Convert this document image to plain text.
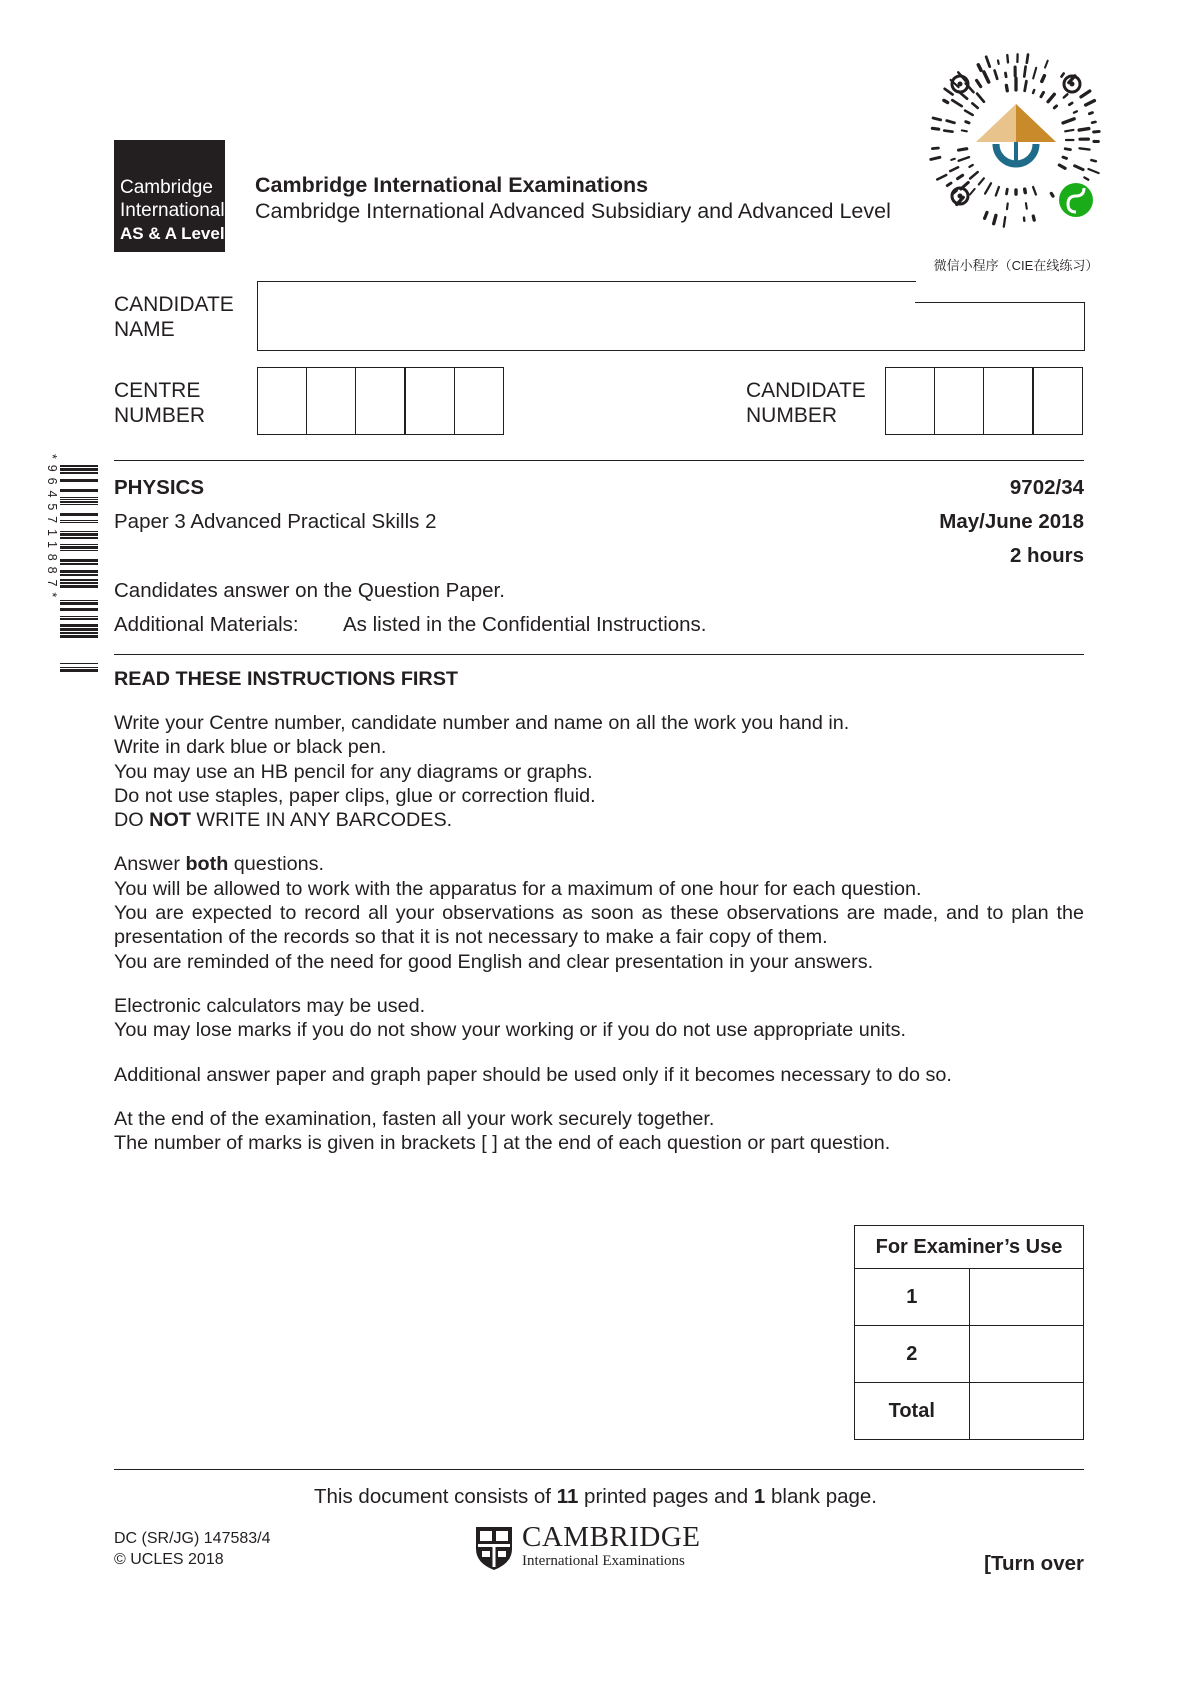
Cambridge
International
AS & A Level
Cambridge International Examinations
Cambridge International Advanced Subsidiary and Advanced Level
微信小程序（CIE在线练习）
CANDIDATE
NAME
CENTRE
NUMBER
CANDIDATE
NUMBER
*9645711887*	PHYSICS	9702/34
Paper 3 Advanced Practical Skills 2	May/June 2018
2 hours
Candidates answer on the Question Paper.
Additional Materials: As listed in the Confidential Instructions.
READ THESE INSTRUCTIONS FIRST

Write your Centre number, candidate number and name on all the work you hand in.
Write in dark blue or black pen.
You may use an HB pencil for any diagrams or graphs.
Do not use staples, paper clips, glue or correction fluid.
DO NOT WRITE IN ANY BARCODES.

Answer both questions.
You will be allowed to work with the apparatus for a maximum of one hour for each question.
You are expected to record all your observations as soon as these observations are made, and to plan the presentation of the records so that it is not necessary to make a fair copy of them.
You are reminded of the need for good English and clear presentation in your answers.

Electronic calculators may be used.
You may lose marks if you do not show your working or if you do not use appropriate units.

Additional answer paper and graph paper should be used only if it becomes necessary to do so.

At the end of the examination, fasten all your work securely together.
The number of marks is given in brackets [ ] at the end of each question or part question.

For Examiner’s Use	
1	
2	
Total	
This document consists of 11 printed pages and 1 blank page.
DC (SR/JG) 147583/4
© UCLES 2018
CAMBRIDGE
International Examinations	[Turn over
